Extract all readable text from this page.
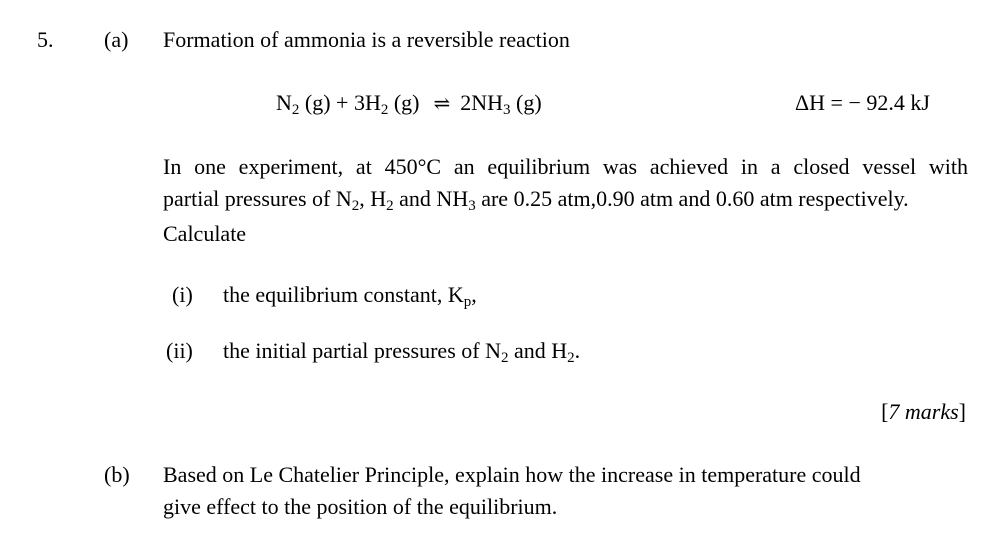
5. (a) Formation of ammonia is a reversible reaction
$N_2$ $(g) + 3H_2$ (g) ⇌ $2NH_3$ (g)	ΔH = − 92.4 kJ
In one experiment, at 450°C an equilibrium was achieved in a closed vessel with
partial pressures of $N_2$, $H_2$ and $NH_3$ are 0.25 atm,0.90 atm and 0.60 atm respectively.
Calculate
(i) the equilibrium constant, $K_p$,
(ii) the initial partial pressures of $N_2$ and $H_2$.
[7 marks]
(b) Based on Le Chatelier Principle, explain how the increase in temperature could
give effect to the position of the equilibrium.
